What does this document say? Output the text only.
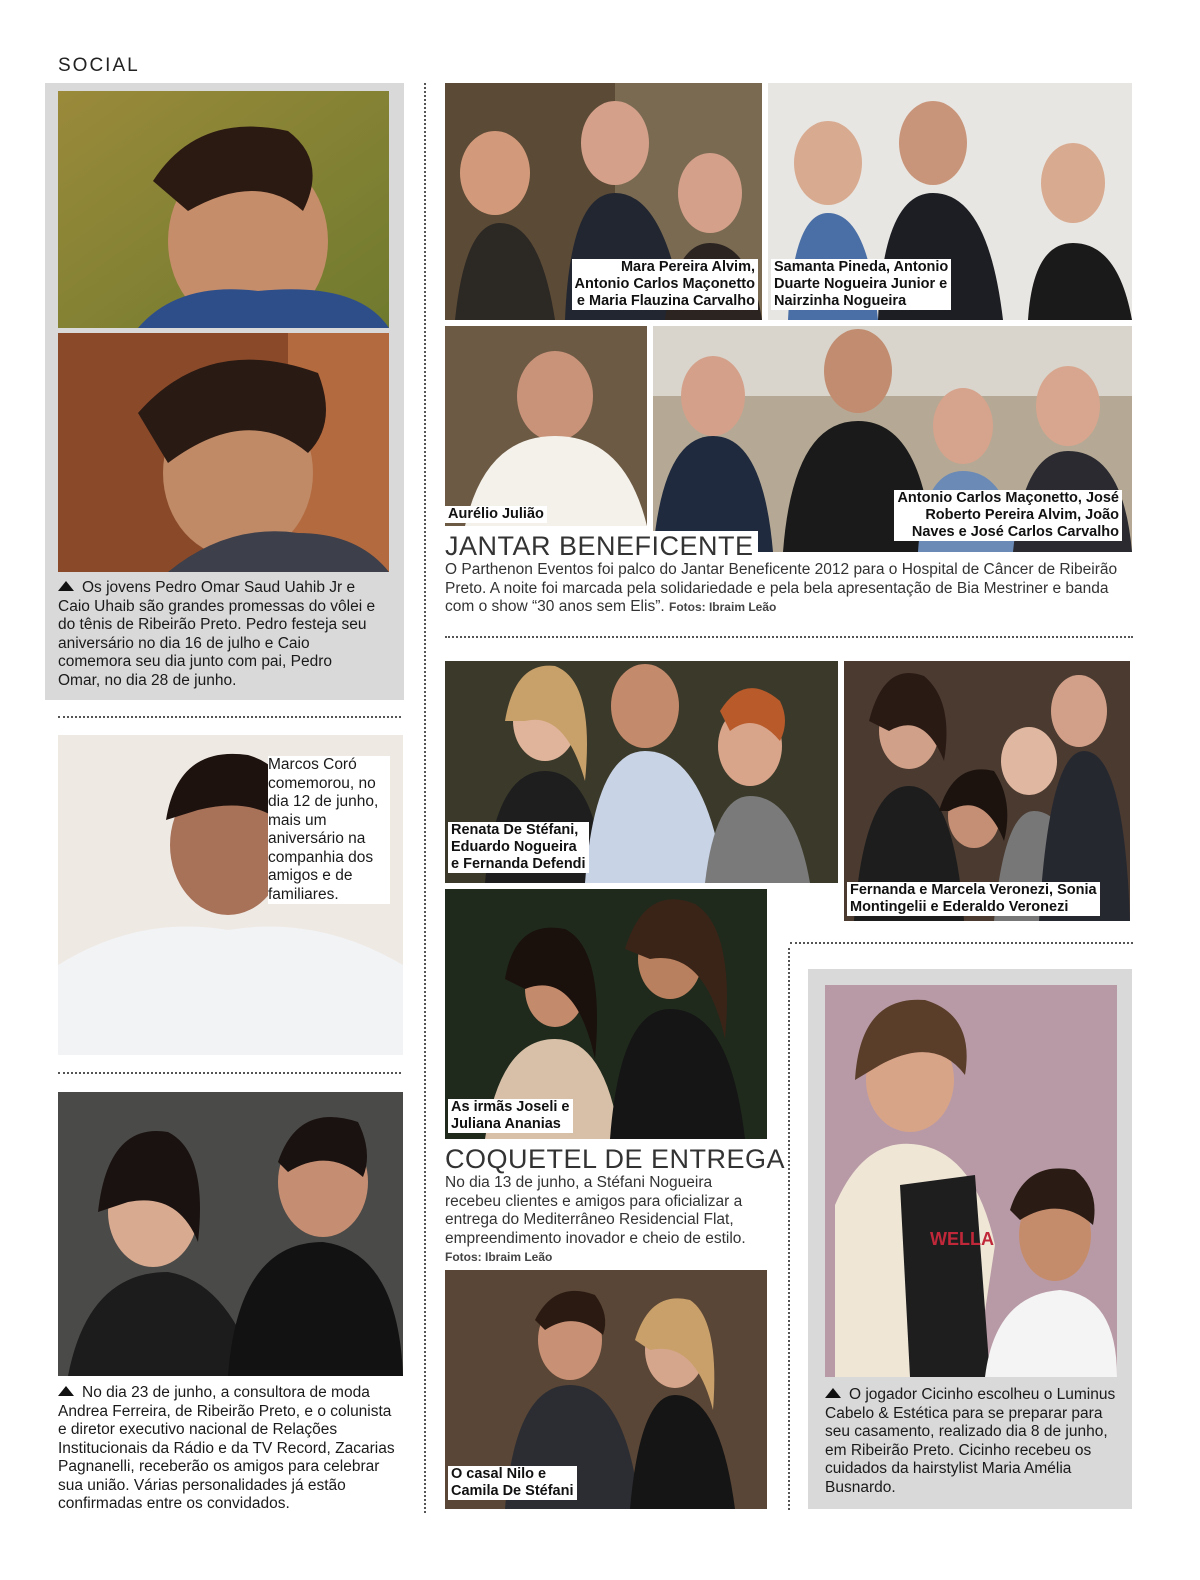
SOCIAL
Os jovens Pedro Omar Saud Uahib Jr e Caio Uhaib são grandes promessas do vôlei e do tênis de Ribeirão Preto. Pedro festeja seu aniversário no dia 16 de julho e Caio comemora seu dia junto com pai, Pedro Omar, no dia 28 de junho.
Marcos Coró comemorou, no dia 12 de junho, mais um aniversário na companhia dos amigos e de familiares.
No dia 23 de junho, a consultora de moda Andrea Ferreira, de Ribeirão Preto, e o colunista e diretor executivo nacional de Relações Institucionais da Rádio e da TV Record, Zacarias Pagnanelli, receberão os amigos para celebrar sua união. Várias personalidades já estão confirmadas entre os convidados.
Mara Pereira Alvim,
Antonio Carlos Maçonetto
e Maria Flauzina Carvalho
Samanta Pineda, Antonio
Duarte Nogueira Junior e
Nairzinha Nogueira
Aurélio Julião
Antonio Carlos Maçonetto, José
Roberto Pereira Alvim, João
Naves e José Carlos Carvalho
JANTAR BENEFICENTE
O Parthenon Eventos foi palco do Jantar Beneficente 2012 para o Hospital de Câncer de Ribeirão Preto. A noite foi marcada pela solidariedade e pela bela apresentação de Bia Mestriner e banda com o show “30 anos sem Elis”. Fotos: Ibraim Leão
Renata De Stéfani,
Eduardo Nogueira
e Fernanda Defendi
Fernanda e Marcela Veronezi, Sonia
Montingelii e Ederaldo Veronezi
As irmãs Joseli e
Juliana Ananias
COQUETEL DE ENTREGA
No dia 13 de junho, a Stéfani Nogueira recebeu clientes e amigos para oficializar a entrega do Mediterrâneo Residencial Flat, empreendimento inovador e cheio de estilo. Fotos: Ibraim Leão
O casal Nilo e
Camila De Stéfani
WELLA
O jogador Cicinho escolheu o Luminus Cabelo & Estética para se preparar para seu casamento, realizado dia 8 de junho, em Ribeirão Preto. Cicinho recebeu os cuidados da hairstylist Maria Amélia Busnardo.
